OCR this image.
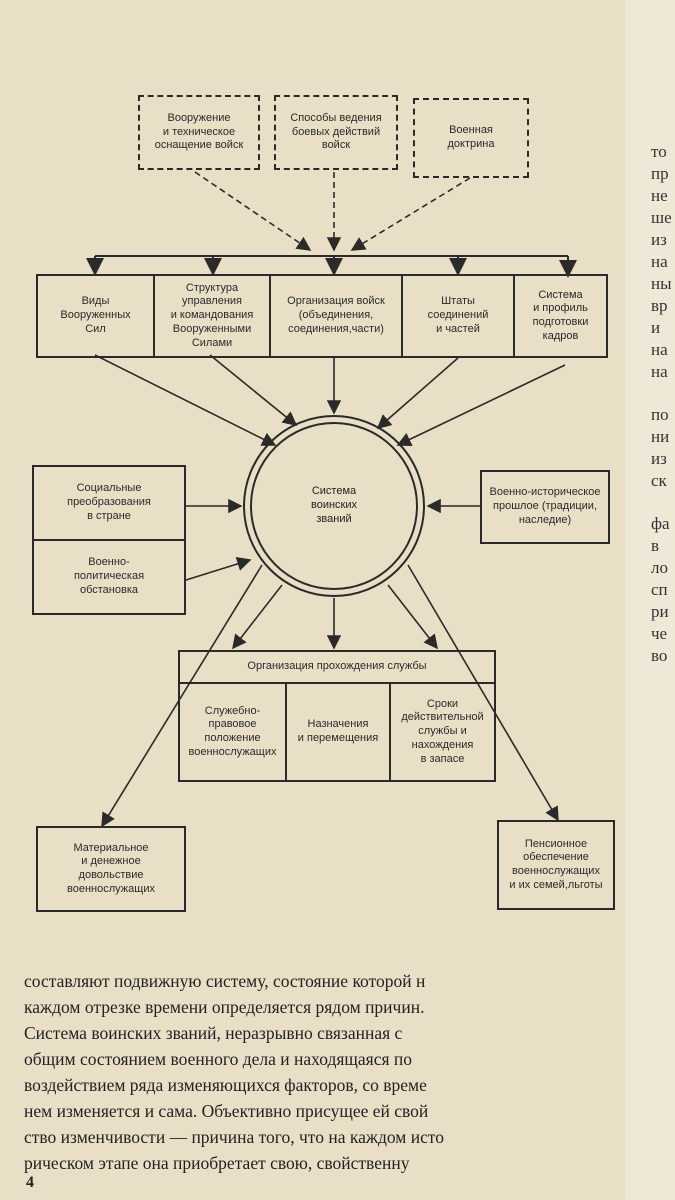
Вооружение
и техническое
оснащение войск
Способы ведения
боевых действий
войск
Военная
доктрина
Виды
Вооруженных
Сил
Структура
управления
и командования
Вооруженными
Силами
Организация войск
(объединения,
соединения,части)
Штаты
соединений
и частей
Система
и профиль
подготовки
кадров
Система
воинских
званий
Социальные
преобразования
в стране
Военно-
политическая
обстановка
Военно-историческое
прошлое (традиции,
наследие)
Организация прохождения службы
Служебно-
правовое
положение
военнослужащих
Назначения
и перемещения
Сроки
действительной
службы и
нахождения
в запасе
Материальное
и денежное
довольствие
военнослужащих
Пенсионное
обеспечение
военнослужащих
и их семей,льготы

составляют подвижную систему, состояние которой н

каждом отрезке времени определяется рядом причин.

Система воинских званий, неразрывно связанная с

общим состоянием военного дела и находящаяся по

воздействием ряда изменяющихся факторов, со време

нем изменяется и сама. Объективно присущее ей свой

ство изменчивости — причина того, что на каждом исто

рическом этапе она приобретает свою, свойственну

4
то
пр
не
ше
из
на
ны
вр
и
на
на
по
ни
из
ск
фа
в
ло
сп
ри
че
во
